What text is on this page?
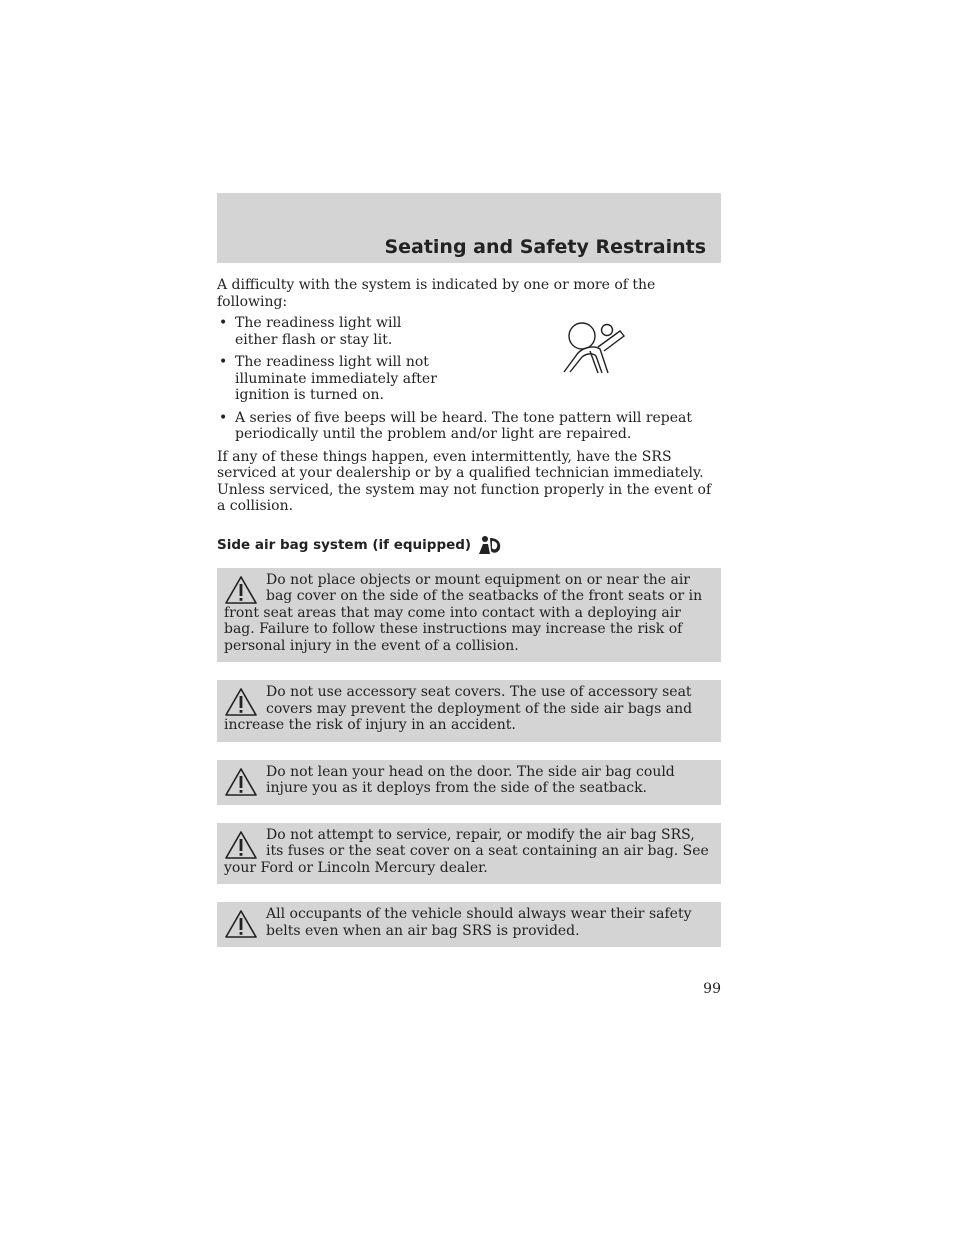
Seating and Safety Restraints

A difficulty with the system is indicated by one or more of the following:

• The readiness light will either flash or stay lit.
• The readiness light will not illuminate immediately after ignition is turned on.
• A series of five beeps will be heard. The tone pattern will repeat periodically until the problem and/or light are repaired.

If any of these things happen, even intermittently, have the SRS serviced at your dealership or by a qualified technician immediately. Unless serviced, the system may not function properly in the event of a collision.

Side air bag system (if equipped)
Do not place objects or mount equipment on or near the air bag cover on the side of the seatbacks of the front seats or in front seat areas that may come into contact with a deploying air bag. Failure to follow these instructions may increase the risk of personal injury in the event of a collision.
Do not use accessory seat covers. The use of accessory seat covers may prevent the deployment of the side air bags and increase the risk of injury in an accident.
Do not lean your head on the door. The side air bag could injure you as it deploys from the side of the seatback.
Do not attempt to service, repair, or modify the air bag SRS, its fuses or the seat cover on a seat containing an air bag. See your Ford or Lincoln Mercury dealer.
All occupants of the vehicle should always wear their safety belts even when an air bag SRS is provided.
99
